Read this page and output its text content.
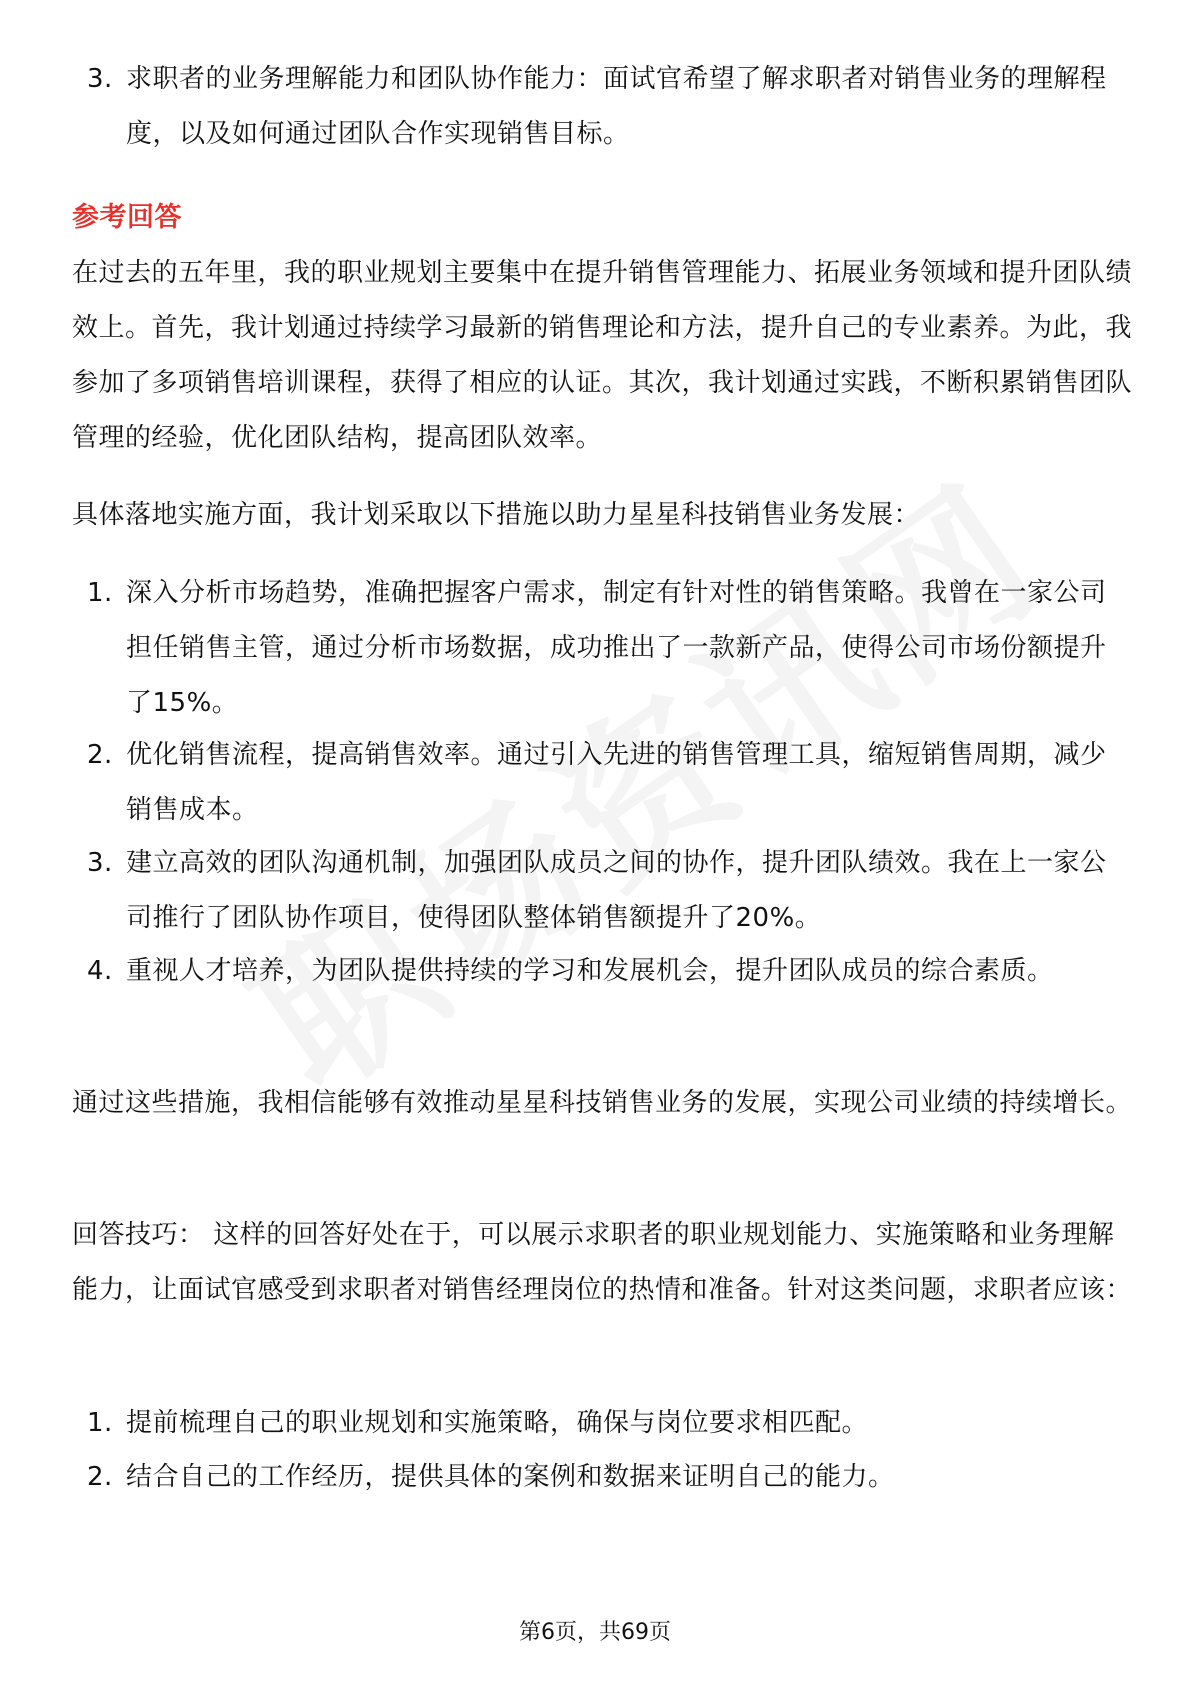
3. 求职者的业务理解能力和团队协作能力：面试官希望了解求职者对销售业务的理解程度，以及如何通过团队合作实现销售目标。
参考回答
在过去的五年里，我的职业规划主要集中在提升销售管理能力、拓展业务领域和提升团队绩效上。首先，我计划通过持续学习最新的销售理论和方法，提升自己的专业素养。为此，我参加了多项销售培训课程，获得了相应的认证。其次，我计划通过实践，不断积累销售团队管理的经验，优化团队结构，提高团队效率。
具体落地实施方面，我计划采取以下措施以助力星星科技销售业务发展：
1. 深入分析市场趋势，准确把握客户需求，制定有针对性的销售策略。我曾在一家公司担任销售主管，通过分析市场数据，成功推出了一款新产品，使得公司市场份额提升了15%。
2. 优化销售流程，提高销售效率。通过引入先进的销售管理工具，缩短销售周期，减少销售成本。
3. 建立高效的团队沟通机制，加强团队成员之间的协作，提升团队绩效。我在上一家公司推行了团队协作项目，使得团队整体销售额提升了20%。
4. 重视人才培养，为团队提供持续的学习和发展机会，提升团队成员的综合素质。
通过这些措施，我相信能够有效推动星星科技销售业务的发展，实现公司业绩的持续增长。
回答技巧： 这样的回答好处在于，可以展示求职者的职业规划能力、实施策略和业务理解能力，让面试官感受到求职者对销售经理岗位的热情和准备。针对这类问题，求职者应该：
1. 提前梳理自己的职业规划和实施策略，确保与岗位要求相匹配。
2. 结合自己的工作经历，提供具体的案例和数据来证明自己的能力。
第6页，共69页
